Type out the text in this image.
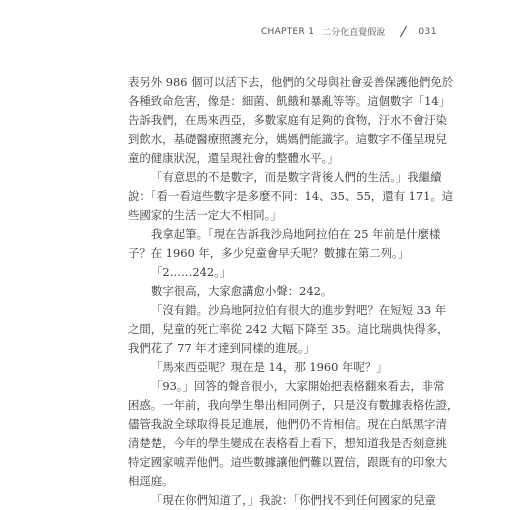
CHAPTER 1 二分化直覺假說	031
表另外 986 個可以活下去，他們的父母與社會妥善保護他們免於
各種致命危害，像是：細菌、飢餓和暴亂等等。這個數字「14」
告訴我們，在馬來西亞，多數家庭有足夠的食物，汙水不會汙染
到飲水，基礎醫療照護充分，媽媽們能識字。這數字不僅呈現兒
童的健康狀況，還呈現社會的整體水平。」
「有意思的不是數字，而是數字背後人們的生活。」我繼續
說：「看一看這些數字是多麼不同：14、35、55，還有 171。這
些國家的生活一定大不相同。」
我拿起筆。「現在告訴我沙烏地阿拉伯在 25 年前是什麼樣
子？在 1960 年，多少兒童會早夭呢？數據在第二列。」
「2……242。」
數字很高，大家愈講愈小聲：242。
「沒有錯。沙烏地阿拉伯有很大的進步對吧？在短短 33 年
之間，兒童的死亡率從 242 大幅下降至 35。這比瑞典快得多，
我們花了 77 年才達到同樣的進展。」
「馬來西亞呢？現在是 14，那 1960 年呢？」
「93。」回答的聲音很小，大家開始把表格翻來看去，非常
困惑。一年前，我向學生舉出相同例子，只是沒有數據表格佐證，
儘管我說全球取得長足進展，他們仍不肯相信。現在白紙黑字清
清楚楚，今年的學生變成在表格看上看下，想知道我是否刻意挑
特定國家唬弄他們。這些數據讓他們難以置信，跟既有的印象大
相逕庭。
「現在你們知道了，」我說：「你們找不到任何國家的兒童
